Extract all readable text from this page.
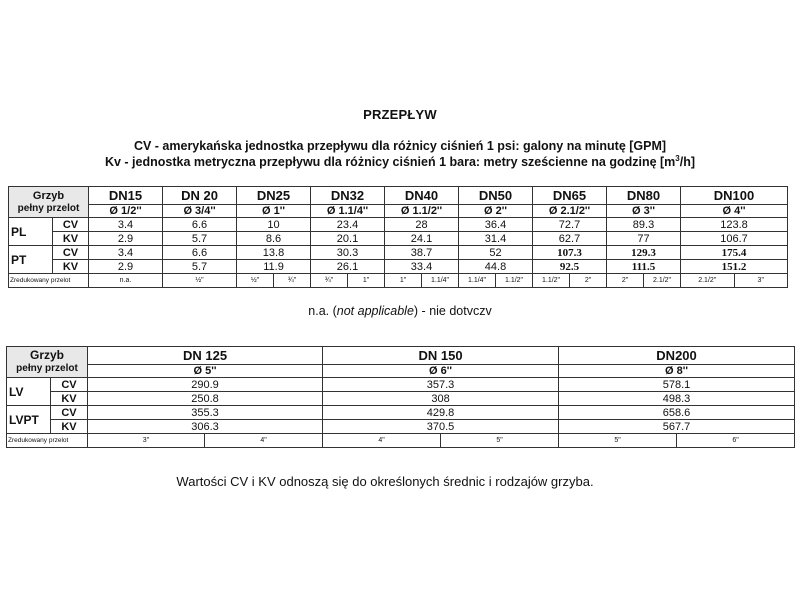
PRZEPŁYW
CV - amerykańska jednostka przepływu dla różnicy ciśnień 1 psi: galony na minutę [GPM]
Kv - jednostka metryczna przepływu dla różnicy ciśnień 1 bara: metry sześcienne na godzinę $[m^3/h]$
Grzyb
pełny przelot		DN15	DN 20	DN25		DN32		DN40		DN50		DN65		DN80		DN100	
		Ø 1/2''	Ø 3/4''	Ø 1''		Ø 1.1/4''		Ø 1.1/2''		Ø 2''		Ø 2.1/2''		Ø 3''		Ø 4''	
PL	CV	3.4	6.6	10		23.4		28		36.4		72.7		89.3		123.8	
	KV	2.9	5.7	8.6		20.1		24.1		31.4		62.7		77		106.7	
PT	CV	3.4	6.6	13.8		30.3		38.7		52		107.3		129.3		175.4	
	KV	2.9	5.7	11.9		26.1		33.4		44.8		92.5		111.5		151.2	
Zredukowany przelot		n.a.	½"	½"	¾"	¾"	1"	1"	1.1/4"	1.1/4"	1.1/2"	1.1/2"	2"	2"	2.1/2"	2.1/2"	3"
n.a. (not applicable) - nie dotvczv
Grzyb
pełny przelot		DN 125		DN 150		DN200	
		Ø 5''		Ø 6''		Ø 8''	
LV	CV	290.9		357.3		578.1	
	KV	250.8		308		498.3	
LVPT	CV	355.3		429.8		658.6	
	KV	306.3		370.5		567.7	
Zredukowany przelot		3"	4"	4"	5"	5"	6"
Wartości CV i KV odnoszą się do określonych średnic i rodzajów grzyba.
